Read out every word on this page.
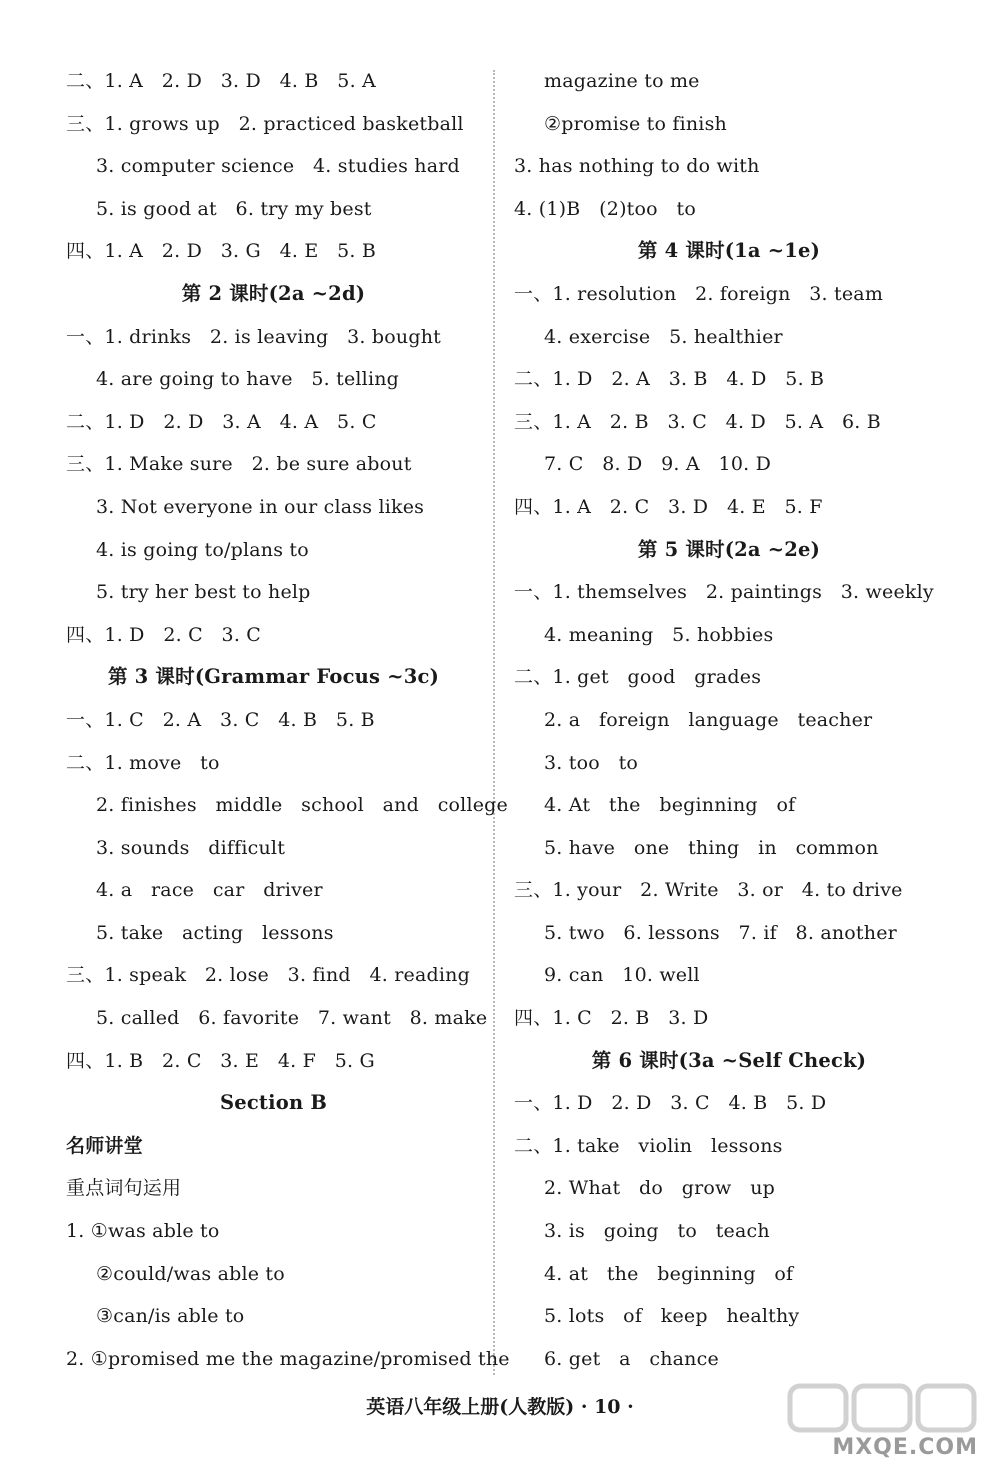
二、1. A   2. D   3. D   4. B   5. A
三、1. grows up   2. practiced basketball
3. computer science   4. studies hard
5. is good at   6. try my best
四、1. A   2. D   3. G   4. E   5. B
第 2 课时(2a ~2d)
一、1. drinks   2. is leaving   3. bought
4. are going to have   5. telling
二、1. D   2. D   3. A   4. A   5. C
三、1. Make sure   2. be sure about
3. Not everyone in our class likes
4. is going to/plans to
5. try her best to help
四、1. D   2. C   3. C
第 3 课时(Grammar Focus ~3c)
一、1. C   2. A   3. C   4. B   5. B
二、1. move   to
2. finishes   middle   school   and   college
3. sounds   difficult
4. a   race   car   driver
5. take   acting   lessons
三、1. speak   2. lose   3. find   4. reading
5. called   6. favorite   7. want   8. make
四、1. B   2. C   3. E   4. F   5. G
Section B
名师讲堂
重点词句运用
1. ①was able to
②could/was able to
③can/is able to
2. ①promised me the magazine/promised the
magazine to me
②promise to finish
3. has nothing to do with
4. (1)B   (2)too   to
第 4 课时(1a ~1e)
一、1. resolution   2. foreign   3. team
4. exercise   5. healthier
二、1. D   2. A   3. B   4. D   5. B
三、1. A   2. B   3. C   4. D   5. A   6. B
7. C   8. D   9. A   10. D
四、1. A   2. C   3. D   4. E   5. F
第 5 课时(2a ~2e)
一、1. themselves   2. paintings   3. weekly
4. meaning   5. hobbies
二、1. get   good   grades
2. a   foreign   language   teacher
3. too   to
4. At   the   beginning   of
5. have   one   thing   in   common
三、1. your   2. Write   3. or   4. to drive
5. two   6. lessons   7. if   8. another
9. can   10. well
四、1. C   2. B   3. D
第 6 课时(3a ~Self Check)
一、1. D   2. D   3. C   4. B   5. D
二、1. take   violin   lessons
2. What   do   grow   up
3. is   going   to   teach
4. at   the   beginning   of
5. lots   of   keep   healthy
6. get   a   chance
英语八年级上册(人教版) · 10 ·
MXQE.COM
